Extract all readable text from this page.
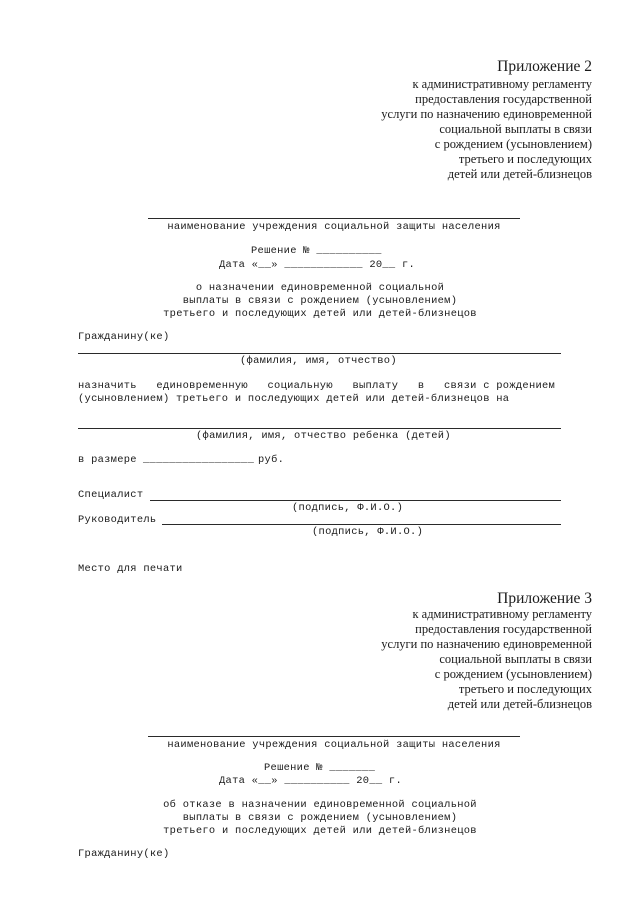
Приложение 2
к административному регламенту
предоставления государственной
услуги по назначению единовременной
социальной выплаты в связи
с рождением (усыновлением)
третьего и последующих
детей или детей-близнецов
наименование учреждения социальной защиты населения
Решение № __________
Дата «__» ____________ 20__ г.
о назначении единовременной социальной
выплаты в связи с рождением (усыновлением)
третьего и последующих детей или детей-близнецов
Гражданину(ке)
(фамилия, имя, отчество)
назначить   единовременную   социальную   выплату   в   связи с рождением
(усыновлением) третьего и последующих детей или детей-близнецов на
(фамилия, имя, отчество ребенка (детей)
в размере _________________ руб.
Специалист
(подпись, Ф.И.О.)
Руководитель
(подпись, Ф.И.О.)
Место для печати
Приложение 3
к административному регламенту
предоставления государственной
услуги по назначению единовременной
социальной выплаты в связи
с рождением (усыновлением)
третьего и последующих
детей или детей-близнецов
наименование учреждения социальной защиты населения
Решение № _______
Дата «__» __________ 20__ г.
об отказе в назначении единовременной социальной
выплаты в связи с рождением (усыновлением)
третьего и последующих детей или детей-близнецов
Гражданину(ке)
